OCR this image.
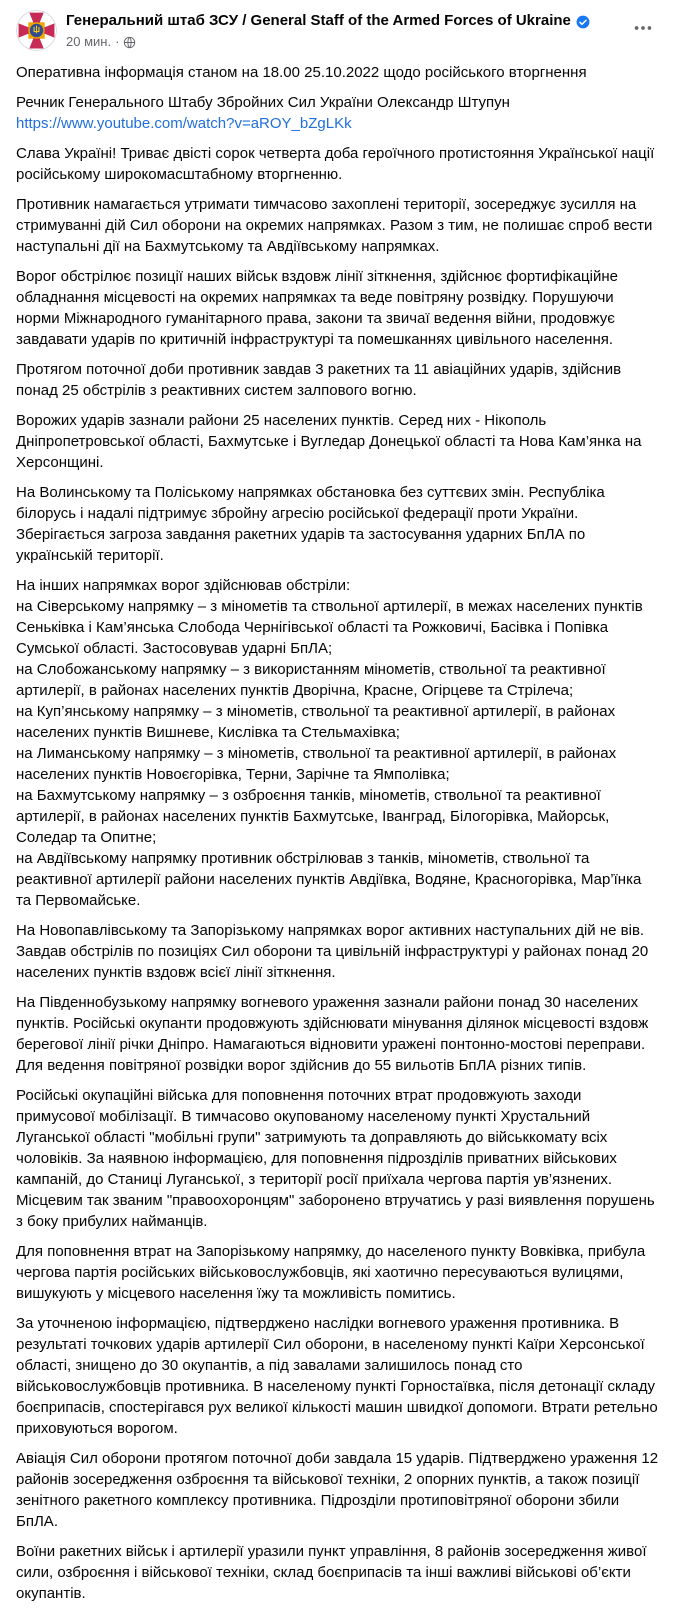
Генеральний штаб ЗСУ / General Staff of the Armed Forces of Ukraine
20 мин. ·
Оперативна інформація станом на 18.00 25.10.2022 щодо російського вторгнення
Речник Генерального Штабу Збройних Сил України Олександр Штупун
https://www.youtube.com/watch?v=aROY_bZgLKk
Слава Україні! Триває двісті сорок четверта доба героїчного протистояння Української нації російському широкомасштабному вторгненню.
Противник намагається утримати тимчасово захоплені території, зосереджує зусилля на стримуванні дій Сил оборони на окремих напрямках. Разом з тим, не полишає спроб вести наступальні дії на Бахмутському та Авдіївському напрямках.
Ворог обстрілює позиції наших військ вздовж лінії зіткнення, здійснює фортифікаційне обладнання місцевості на окремих напрямках та веде повітряну розвідку. Порушуючи норми Міжнародного гуманітарного права, закони та звичаї ведення війни, продовжує завдавати ударів по критичній інфраструктурі та помешканнях цивільного населення.
Протягом поточної доби противник завдав 3 ракетних та 11 авіаційних ударів, здійснив понад 25 обстрілів з реактивних систем залпового вогню.
Ворожих ударів зазнали райони 25 населених пунктів. Серед них - Нікополь Дніпропетровської області, Бахмутське і Вугледар Донецької області та Нова Кам’янка на Херсонщині.
На Волинському та Поліському напрямках обстановка без суттєвих змін. Республіка білорусь і надалі підтримує збройну агресію російської федерації проти України. Зберігається загроза завдання ракетних ударів та застосування ударних БпЛА по українській території.
На інших напрямках ворог здійснював обстріли:
на Сіверському напрямку – з мінометів та ствольної артилерії, в межах населених пунктів Сеньківка і Кам’янська Слобода Чернігівської області та Рожковичі, Басівка і Попівка Сумської області. Застосовував ударні БпЛА;
на Слобожанському напрямку – з використанням мінометів, ствольної та реактивної артилерії, в районах населених пунктів Дворічна, Красне, Огірцеве та Стрілеча;
на Куп’янському напрямку – з мінометів, ствольної та реактивної артилерії, в районах населених пунктів Вишневе, Кислівка та Стельмахівка;
на Лиманському напрямку – з мінометів, ствольної та реактивної артилерії, в районах населених пунктів Новоєгорівка, Терни, Зарічне та Ямполівка;
на Бахмутському напрямку – з озброєння танків, мінометів, ствольної та реактивної артилерії, в районах населених пунктів Бахмутське, Іванград, Білогорівка, Майорськ, Соледар та Опитне;
на Авдіївському напрямку противник обстрілював з танків, мінометів, ствольної та реактивної артилерії райони населених пунктів Авдіївка, Водяне, Красногорівка, Мар’їнка та Первомайське.
На Новопавлівському та Запорізькому напрямках ворог активних наступальних дій не вів. Завдав обстрілів по позиціях Сил оборони та цивільній інфраструктурі у районах понад 20 населених пунктів вздовж всієї лінії зіткнення.
На Південнобузькому напрямку вогневого ураження зазнали райони понад 30 населених пунктів. Російські окупанти продовжують здійснювати мінування ділянок місцевості вздовж берегової лінії річки Дніпро. Намагаються відновити уражені понтонно-мостові переправи. Для ведення повітряної розвідки ворог здійснив до 55 вильотів БпЛА різних типів.
Російські окупаційні війська для поповнення поточних втрат продовжують заходи примусової мобілізації. В тимчасово окупованому населеному пункті Хрустальний Луганської області "мобільні групи" затримують та доправляють до військкомату всіх чоловіків. За наявною інформацією, для поповнення підрозділів приватних військових кампаній, до Станиці Луганської, з території росії приїхала чергова партія ув’язнених. Місцевим так званим "правоохоронцям" заборонено втручатись у разі виявлення порушень з боку прибулих найманців.
Для поповнення втрат на Запорізькому напрямку, до населеного пункту Вовківка, прибула чергова партія російських військовослужбовців, які хаотично пересуваються вулицями, вишукують у місцевого населення їжу та можливість помитись.
За уточненою інформацією, підтверджено наслідки вогневого ураження противника. В результаті точкових ударів артилерії Сил оборони, в населеному пункті Каїри Херсонської області, знищено до 30 окупантів, а під завалами залишилось понад сто військовослужбовців противника. В населеному пункті Горностаївка, після детонації складу боєприпасів, спостерігався рух великої кількості машин швидкої допомоги. Втрати ретельно приховуються ворогом.
Авіація Сил оборони протягом поточної доби завдала 15 ударів. Підтверджено ураження 12 районів зосередження озброєння та військової техніки, 2 опорних пунктів, а також позиції зенітного ракетного комплексу противника. Підрозділи протиповітряної оборони збили БпЛА.
Воїни ракетних військ і артилерії уразили пункт управління, 8 районів зосередження живої сили, озброєння і військової техніки, склад боєприпасів та інші важливі військові об’єкти окупантів.
